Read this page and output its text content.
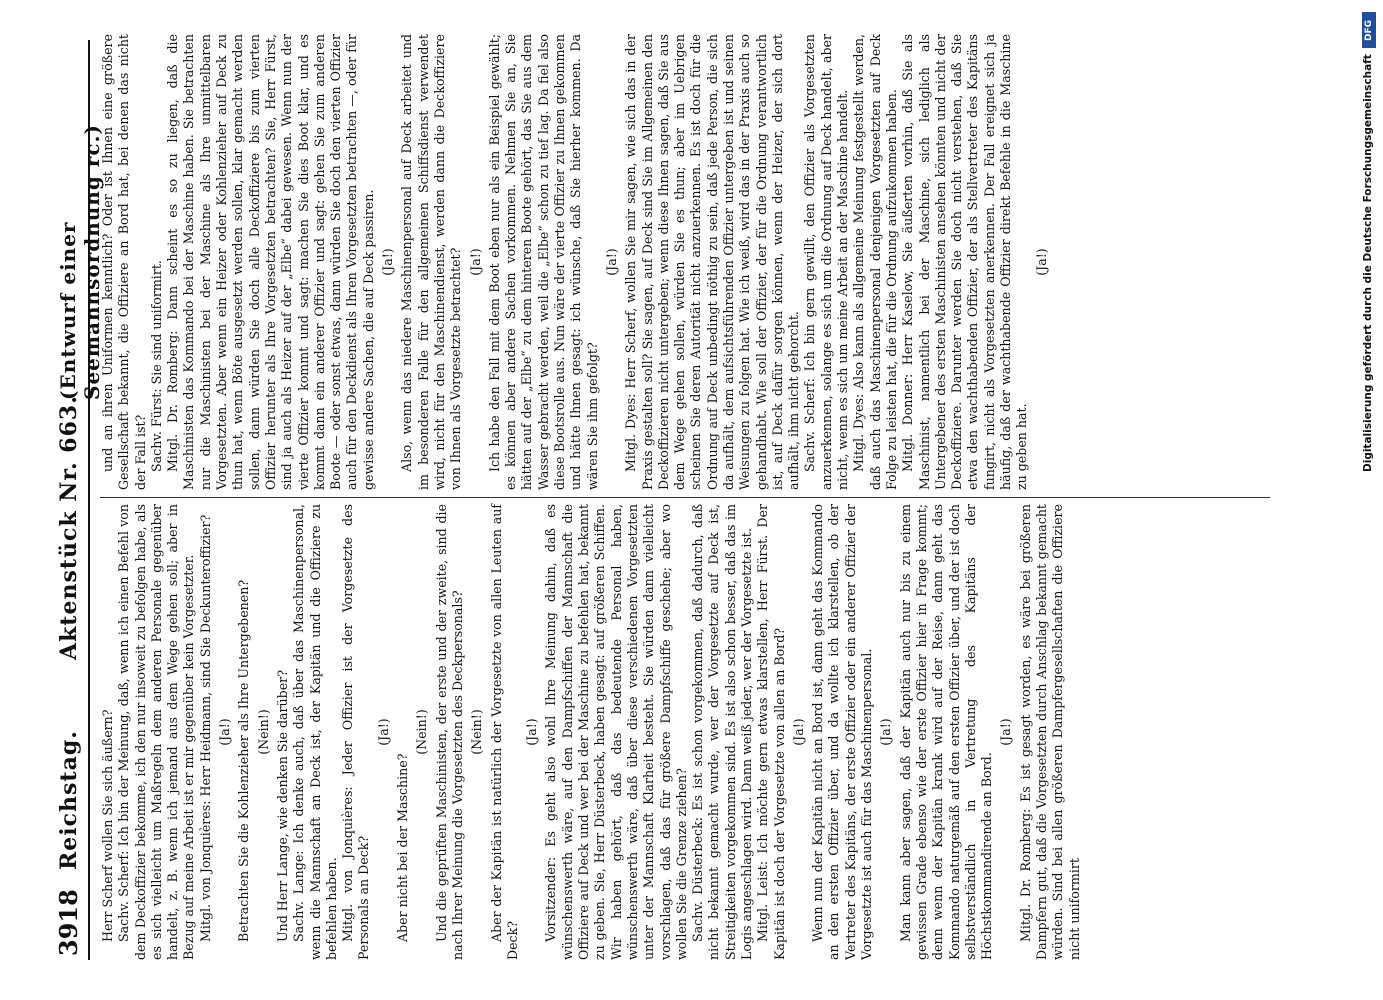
3918
Reichstag.
Aktenstück Nr. 663.
(Entwurf einer Seemannsordnung rc.)

Herr Scherf wollen Sie sich äußern? Sachv. Scherf: Ich bin der Meinung, daß, wenn ich einen Befehl von dem Deckoffizier bekomme, ich den nur insoweit zu befolgen habe, als es sich vielleicht um Maßregeln dem anderen Personale gegenüber handelt, z. B. wenn ich jemand aus dem Wege gehen soll; aber in Bezug auf meine Arbeit ist er mir gegenüber kein Vorgesetzter. Mitgl. von Jonquières: Herr Heidmann, sind Sie Deckunteroffizier? (Ja!) Betrachten Sie die Kohlenzieher als Ihre Untergebenen? (Nein!) Und Herr Lange, wie denken Sie darüber? Sachv. Lange: Ich denke auch, daß über das Maschinenpersonal, wenn die Mannschaft an Deck ist, der Kapitän und die Offiziere zu befehlen haben. Mitgl. von Jonquières: Jeder Offizier ist der Vorgesetzte des Personals an Deck?

(Ja!)

Aber nicht bei der Maschine?

(Nein!) Und die geprüften Maschinisten, der erste und der zweite, sind die nach Ihrer Meinung die Vorgesetzten des Deckpersonals? (Nein!) Aber der Kapitän ist natürlich der Vorgesetzte von allen Leuten auf Deck?

(Ja!) Vorsitzender: Es geht also wohl Ihre Meinung dahin, daß es wünschenswerth wäre, auf den Dampfschiffen der Mannschaft die Offiziere auf Deck und wer bei der Maschine zu befehlen hat, bekannt zu geben. Sie, Herr Düsterbeck, haben gesagt: auf größeren Schiffen. Wir haben gehört, daß das bedeutende Personal haben, wünschenswerth wäre, daß über diese verschiedenen Vorgesetzten unter der Mannschaft Klarheit besteht. Sie würden dann vielleicht vorschlagen, daß das für größere Dampfschiffe geschehe; aber wo wollen Sie die Grenze ziehen? Sachv. Düsterbeck: Es ist schon vorgekommen, daß dadurch, daß nicht bekannt gemacht wurde, wer der Vorgesetzte auf Deck ist, Streitigkeiten vorgekommen sind. Es ist also schon besser, daß das im Logis angeschlagen wird. Dann weiß jeder, wer der Vorgesetzte ist. Mitgl. Leist: Ich möchte gern etwas klarstellen, Herr Fürst. Der Kapitän ist doch der Vorgesetzte von allen an Bord? (Ja!) Wenn nun der Kapitän nicht an Bord ist, dann geht das Kommando an den ersten Offizier über, und da wollte ich klarstellen, ob der Vertreter des Kapitäns, der erste Offizier oder ein anderer Offizier der Vorgesetzte ist auch für das Maschinenpersonal. (Ja!) Man kann aber sagen, daß der Kapitän auch nur bis zu einem gewissen Grade ebenso wie der erste Offizier hier in Frage kommt; denn wenn der Kapitän krank wird auf der Reise, dann geht das Kommando naturgemäß auf den ersten Offizier über, und der ist doch selbstverständlich in Vertretung des Kapitäns der Höchstkommandirende an Bord.

(Ja!) Mitgl. Dr. Romberg: Es ist gesagt worden, es wäre bei größeren Dampfern gut, daß die Vorgesetzten durch Anschlag bekannt gemacht würden. Sind bei allen größeren Dampfergesellschaften die Offiziere nicht uniformirt

und an ihren Uniformen kenntlich? Oder ist Ihnen eine größere Gesellschaft bekannt, die Offiziere an Bord hat, bei denen das nicht der Fall ist? Sachv. Fürst: Sie sind uniformirt. Mitgl. Dr. Romberg: Dann scheint es so zu liegen, daß die Maschinisten das Kommando bei der Maschine haben. Sie betrachten nur die Maschinisten bei der Maschine als Ihre unmittelbaren Vorgesetzten. Aber wenn ein Heizer oder Kohlenzieher auf Deck zu thun hat, wenn Böte ausgesetzt werden sollen, klar gemacht werden sollen, dann würden Sie doch alle Deckoffiziere bis zum vierten Offizier herunter als Ihre Vorgesetzten betrachten? Sie, Herr Fürst, sind ja auch als Heizer auf der „Elbe“ dabei gewesen. Wenn nun der vierte Offizier kommt und sagt: machen Sie dies Boot klar, und es kommt dann ein anderer Offizier und sagt: gehen Sie zum anderen Boote — oder sonst etwas, dann würden Sie doch den vierten Offizier auch für den Deckdienst als Ihren Vorgesetzten betrachten —, oder für gewisse andere Sachen, die auf Deck passiren. (Ja!) Also, wenn das niedere Maschinenpersonal auf Deck arbeitet und im besonderen Falle für den allgemeinen Schiffsdienst verwendet wird, nicht für den Maschinendienst, werden dann die Deckoffiziere von Ihnen als Vorgesetzte betrachtet? (Ja!) Ich habe den Fall mit dem Boot eben nur als ein Beispiel gewählt; es können aber andere Sachen vorkommen. Nehmen Sie an, Sie hätten auf der „Elbe“ zu dem hinteren Boote gehört, das Sie aus dem Wasser gebracht werden, weil die „Elbe“ schon zu tief lag. Da fiel also diese Bootsrolle aus. Nun wäre der vierte Offizier zu Ihnen gekommen und hätte Ihnen gesagt: ich wünsche, daß Sie hierher kommen. Da wären Sie ihm gefolgt?

(Ja!) Mitgl. Dyes: Herr Scherf, wollen Sie mir sagen, wie sich das in der Praxis gestalten soll? Sie sagen, auf Deck sind Sie im Allgemeinen den Deckoffizieren nicht untergeben; wenn diese Ihnen sagen, daß Sie aus dem Wege gehen sollen, würden Sie es thun; aber im Uebrigen scheinen Sie deren Autorität nicht anzuerkennen. Es ist doch für die Ordnung auf Deck unbedingt nöthig zu sein, daß jede Person, die sich da aufhält, dem aufsichtsführenden Offizier untergeben ist und seinen Weisungen zu folgen hat. Wie ich weiß, wird das in der Praxis auch so gehandhabt. Wie soll der Offizier, der für die Ordnung verantwortlich ist, auf Deck dafür sorgen können, wenn der Heizer, der sich dort aufhält, ihm nicht gehorcht. Sachv. Scherf: Ich bin gern gewillt, den Offizier als Vorgesetzten anzuerkennen, solange es sich um die Ordnung auf Deck handelt, aber nicht, wenn es sich um meine Arbeit an der Maschine handelt. Mitgl. Dyes: Also kann als allgemeine Meinung festgestellt werden, daß auch das Maschinenpersonal denjenigen Vorgesetzten auf Deck Folge zu leisten hat, die für die Ordnung aufzukommen haben. Mitgl. Donner: Herr Kaselow, Sie äußerten vorhin, daß Sie als Maschinist, namentlich bei der Maschine, sich lediglich als Untergebener des ersten Maschinisten ansehen könnten und nicht der Deckoffiziere. Darunter werden Sie doch nicht verstehen, daß Sie etwa den wachthabenden Offizier, der als Stellvertreter des Kapitäns fungirt, nicht als Vorgesetzten anerkennen. Der Fall ereignet sich ja häufig, daß der wachthabende Offizier direkt Befehle in die Maschine zu geben hat.

(Ja!)

DFG
Digitalisierung gefördert durch die Deutsche Forschungsgemeinschaft
